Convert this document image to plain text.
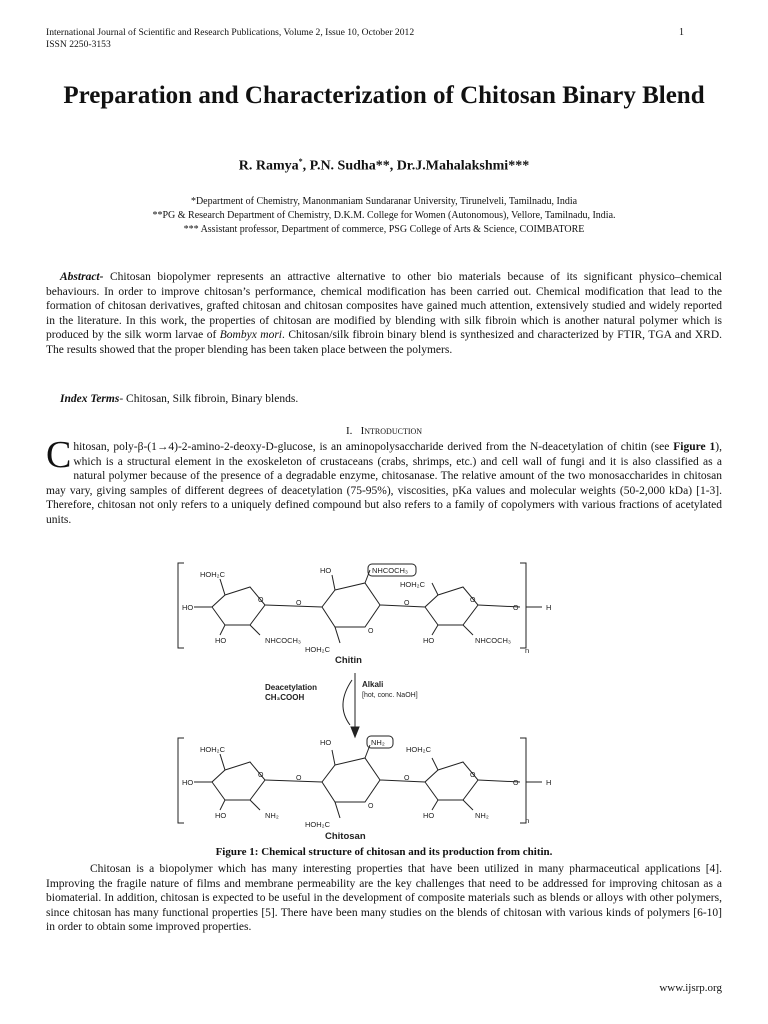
International Journal of Scientific and Research Publications, Volume 2, Issue 10, October 2012
ISSN 2250-3153
1
Preparation and Characterization of Chitosan Binary Blend
R. Ramya*, P.N. Sudha**, Dr.J.Mahalakshmi***
*Department of Chemistry, Manonmaniam Sundaranar University, Tirunelveli, Tamilnadu, India
**PG & Research Department of Chemistry, D.K.M. College for Women (Autonomous), Vellore, Tamilnadu, India.
*** Assistant professor, Department of commerce, PSG College of Arts & Science, COIMBATORE

Abstract- Chitosan biopolymer represents an attractive alternative to other bio materials because of its significant physico–chemical behaviours. In order to improve chitosan’s performance, chemical modification has been carried out. Chemical modification that lead to the formation of chitosan derivatives, grafted chitosan and chitosan composites have gained much attention, extensively studied and widely reported in the literature. In this work, the properties of chitosan are modified by blending with silk fibroin which is another natural polymer which is produced by the silk worm larvae of Bombyx mori. Chitosan/silk fibroin binary blend is synthesized and characterized by FTIR, TGA and XRD. The results showed that the proper blending has been taken place between the polymers.

Index Terms- Chitosan, Silk fibroin, Binary blends.

I. Introduction

Chitosan, poly-β-(1→4)-2-amino-2-deoxy-D-glucose, is an aminopolysaccharide derived from the N-deacetylation of chitin (see Figure 1), which is a structural element in the exoskeleton of crustaceans (crabs, shrimps, etc.) and cell wall of fungi and it is also classified as a natural polymer because of the presence of a degradable enzyme, chitosanase. The relative amount of the two monosaccharides in chitosan may vary, giving samples of different degrees of deacetylation (75-95%), viscosities, pKa values and molecular weights (50-2,000 kDa) [1-3]. Therefore, chitosan not only refers to a uniquely defined compound but also refers to a family of copolymers with various fractions of acetylated units.

O
O
O
O
O
O
O	O
O	O
O
O
HOH₂C
HO
HO	NHCOCH₃
HO	NHCOCH₃
HOH₂C
HOH₂C
HO	NHCOCH₃
H
n
HOH₂C
HO
HO	NH₂
HO	NH₂
HOH₂C
HOH₂C
HO	NH₂
H
n
Chitin
Deacetylation
CH₃COOH
Alkali
[hot, conc. NaOH]
Chitosan
Figure 1: Chemical structure of chitosan and its production from chitin.

Chitosan is a biopolymer which has many interesting properties that have been utilized in many pharmaceutical applications [4]. Improving the fragile nature of films and membrane permeability are the key challenges that need to be addressed for improving chitosan as a biomaterial. In addition, chitosan is expected to be useful in the development of composite materials such as blends or alloys with other polymers, since chitosan has many functional properties [5]. There have been many studies on the blends of chitosan with various kinds of polymers [6-10] in order to obtain some improved properties.

www.ijsrp.org
